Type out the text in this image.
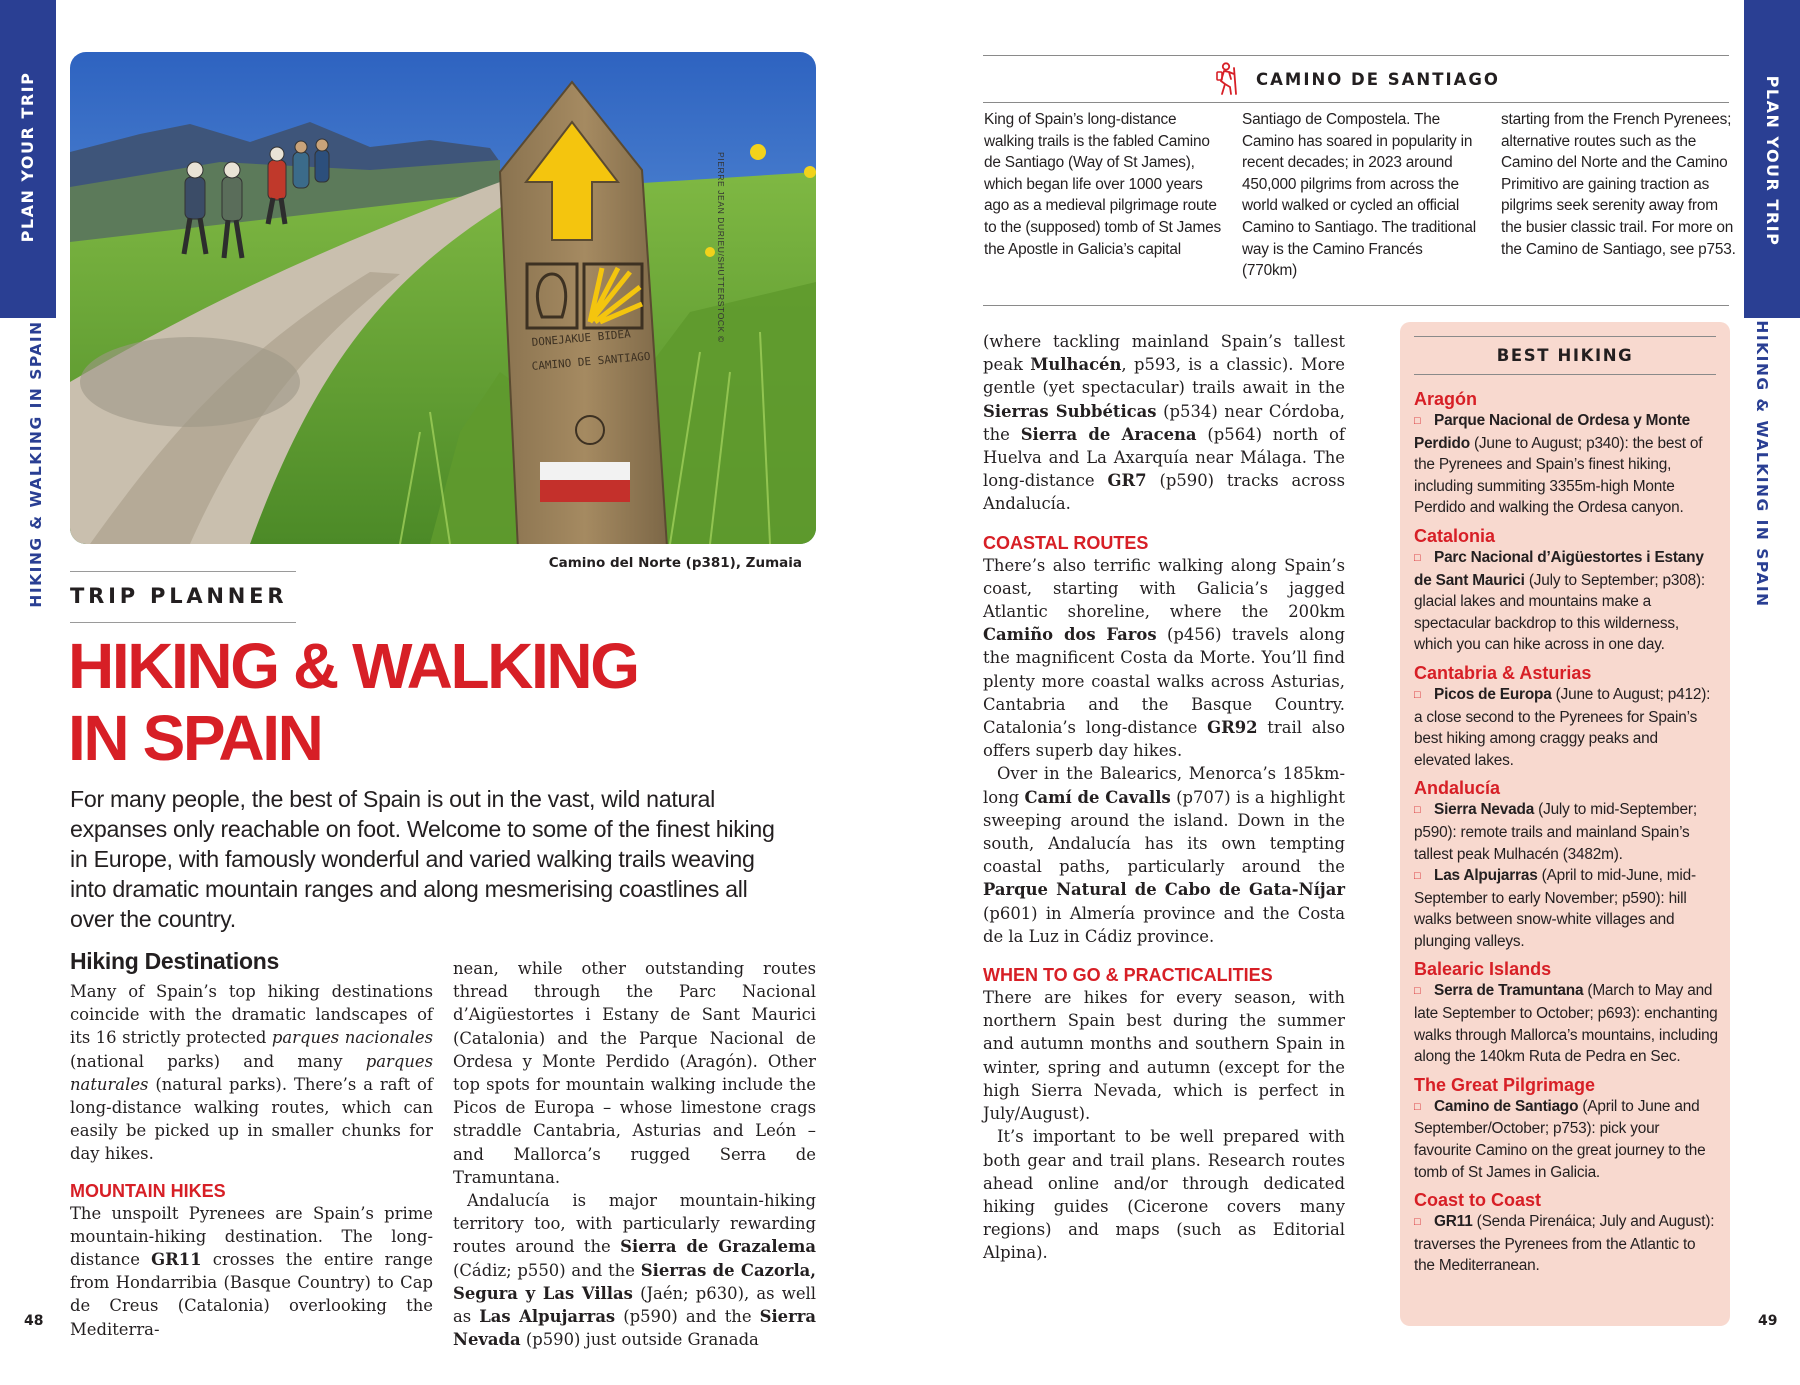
PLAN YOUR TRIP
HIKING & WALKING IN SPAIN	DONEJAKUE BIDEA
CAMINO DE SANTIAGO
PIERRE JEAN DURIEU/SHUTTERSTOCK ©
Camino del Norte (p381), Zumaia
TRIP PLANNER
HIKING & WALKING
IN SPAIN
For many people, the best of Spain is out in the vast, wild natural expanses only reachable on foot. Welcome to some of the finest hiking in Europe, with famously wonderful and varied walking trails weaving into dramatic mountain ranges and along mesmerising coastlines all over the country.
Hiking Destinations

Many of Spain’s top hiking destinations coincide with the dramatic landscapes of its 16 strictly protected parques nacionales (national parks) and many parques naturales (natural parks). There’s a raft of long-distance walking routes, which can easily be picked up in smaller chunks for day hikes.

MOUNTAIN HIKES

The unspoilt Pyrenees are Spain’s prime mountain-hiking destination. The long-distance GR11 crosses the entire range from Hondarribia (Basque Country) to Cap de Creus (Catalonia) overlooking the Mediterra-

nean, while other outstanding routes thread through the Parc Nacional d’Aigüestortes i Estany de Sant Maurici (Catalonia) and the Parque Nacional de Ordesa y Monte Perdido (Aragón). Other top spots for mountain walking include the Picos de Europa – whose limestone crags straddle Cantabria, Asturias and León – and Mallorca’s rugged Serra de Tramuntana.

Andalucía is major mountain-hiking territory too, with particularly rewarding routes around the Sierra de Grazalema (Cádiz; p550) and the Sierras de Cazorla, Segura y Las Villas (Jaén; p630), as well as Las Alpujarras (p590) and the Sierra Nevada (p590) just outside Granada

48
PLAN YOUR TRIP
HIKING & WALKING IN SPAIN
CAMINO DE SANTIAGO
King of Spain’s long-distance walking trails is the fabled Camino de Santiago (Way of St James), which began life over 1000 years ago as a medieval pilgrimage route to the (supposed) tomb of St James the Apostle in Galicia’s capital
Santiago de Compostela. The Camino has soared in popularity in recent decades; in 2023 around 450,000 pilgrims from across the world walked or cycled an official Camino to Santiago. The traditional way is the Camino Francés (770km)
starting from the French Pyrenees; alternative routes such as the Camino del Norte and the Camino Primitivo are gaining traction as pilgrims seek serenity away from the busier classic trail. For more on the Camino de Santiago, see p753.

(where tackling mainland Spain’s tallest peak Mulhacén, p593, is a classic). More gentle (yet spectacular) trails await in the Sierras Subbéticas (p534) near Córdoba, the Sierra de Aracena (p564) north of Huelva and La Axarquía near Málaga. The long-distance GR7 (p590) tracks across Andalucía.

COASTAL ROUTES

There’s also terrific walking along Spain’s coast, starting with Galicia’s jagged Atlantic shoreline, where the 200km Camiño dos Faros (p456) travels along the magnificent Costa da Morte. You’ll find plenty more coastal walks across Asturias, Cantabria and the Basque Country. Catalonia’s long-distance GR92 trail also offers superb day hikes.

Over in the Balearics, Menorca’s 185km-long Camí de Cavalls (p707) is a highlight sweeping around the island. Down in the south, Andalucía has its own tempting coastal paths, particularly around the Parque Natural de Cabo de Gata-Níjar (p601) in Almería province and the Costa de la Luz in Cádiz province.

WHEN TO GO & PRACTICALITIES

There are hikes for every season, with northern Spain best during the summer and autumn months and southern Spain in winter, spring and autumn (except for the high Sierra Nevada, which is perfect in July/August).

It’s important to be well prepared with both gear and trail plans. Research routes ahead online and/or through dedicated hiking guides (Cicerone covers many regions) and maps (such as Editorial Alpina).

BEST HIKING

Aragón

□ Parque Nacional de Ordesa y Monte Perdido (June to August; p340): the best of the Pyrenees and Spain’s finest hiking, including summiting 3355m-high Monte Perdido and walking the Ordesa canyon.

Catalonia

□ Parc Nacional d’Aigüestortes i Estany de Sant Maurici (July to September; p308): glacial lakes and mountains make a spectacular backdrop to this wilderness, which you can hike across in one day.

Cantabria & Asturias

□ Picos de Europa (June to August; p412): a close second to the Pyrenees for Spain’s best hiking among craggy peaks and elevated lakes.

Andalucía

□ Sierra Nevada (July to mid-September; p590): remote trails and mainland Spain’s tallest peak Mulhacén (3482m).

□ Las Alpujarras (April to mid-June, mid-September to early November; p590): hill walks between snow-white villages and plunging valleys.

Balearic Islands

□ Serra de Tramuntana (March to May and late September to October; p693): enchanting walks through Mallorca’s mountains, including along the 140km Ruta de Pedra en Sec.

The Great Pilgrimage

□ Camino de Santiago (April to June and September/October; p753): pick your favourite Camino on the great journey to the tomb of St James in Galicia.

Coast to Coast

□ GR11 (Senda Pirenáica; July and August): traverses the Pyrenees from the Atlantic to the Mediterranean.

49
